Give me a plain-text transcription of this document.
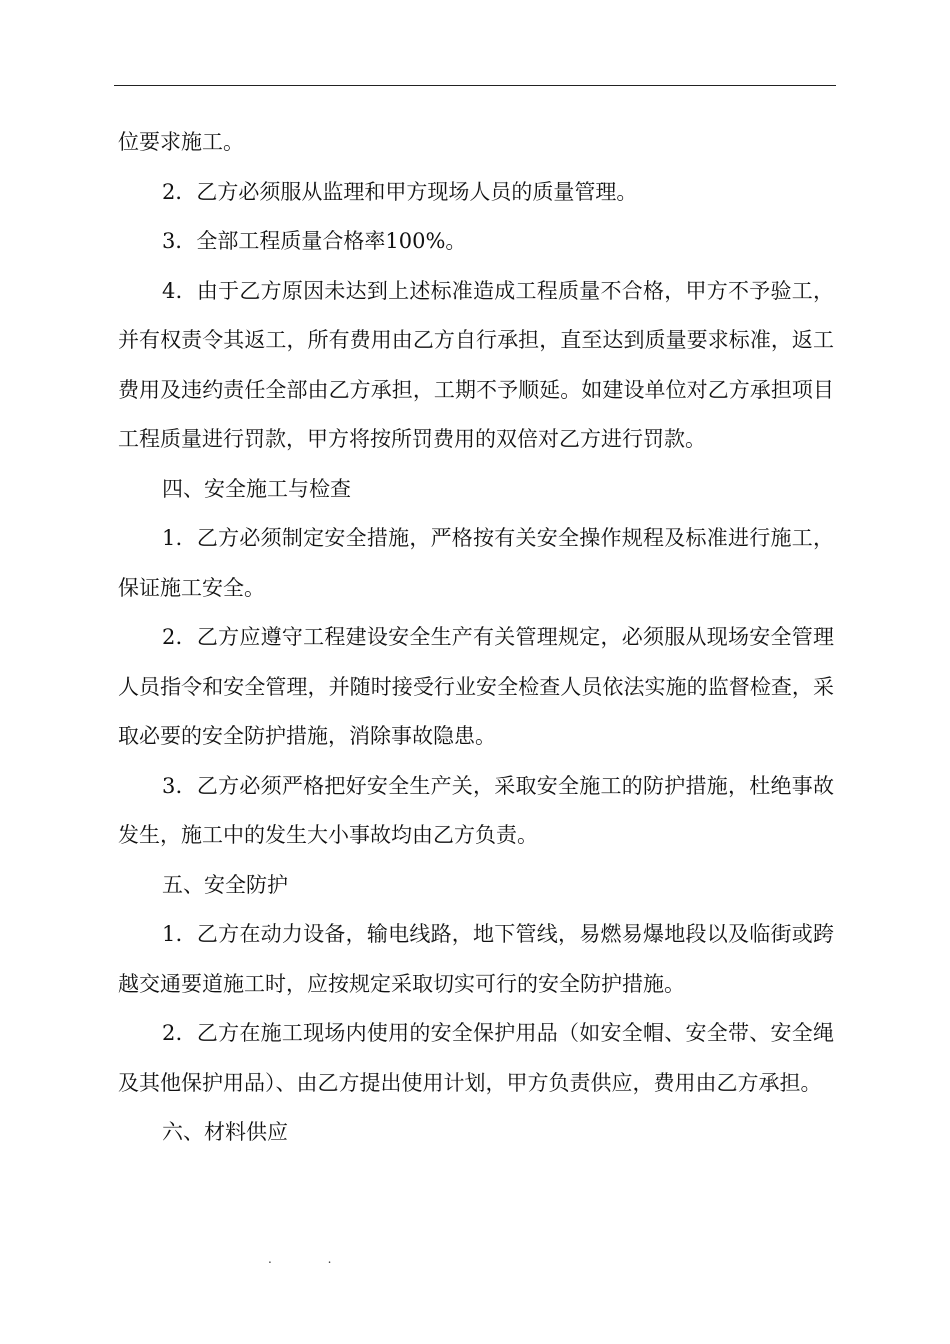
位要求施工。

2．乙方必须服从监理和甲方现场人员的质量管理。

3．全部工程质量合格率100%。

4．由于乙方原因未达到上述标准造成工程质量不合格，甲方不予验工，并有权责令其返工，所有费用由乙方自行承担，直至达到质量要求标准，返工费用及违约责任全部由乙方承担，工期不予顺延。如建设单位对乙方承担项目工程质量进行罚款，甲方将按所罚费用的双倍对乙方进行罚款。

四、安全施工与检查

1．乙方必须制定安全措施，严格按有关安全操作规程及标准进行施工，保证施工安全。

2．乙方应遵守工程建设安全生产有关管理规定，必须服从现场安全管理人员指令和安全管理，并随时接受行业安全检查人员依法实施的监督检查，采取必要的安全防护措施，消除事故隐患。

3．乙方必须严格把好安全生产关，采取安全施工的防护措施，杜绝事故发生，施工中的发生大小事故均由乙方负责。

五、安全防护

1．乙方在动力设备，输电线路，地下管线，易燃易爆地段以及临街或跨越交通要道施工时，应按规定采取切实可行的安全防护措施。

2．乙方在施工现场内使用的安全保护用品（如安全帽、安全带、安全绳及其他保护用品）、由乙方提出使用计划，甲方负责供应，费用由乙方承担。

六、材料供应

. .
